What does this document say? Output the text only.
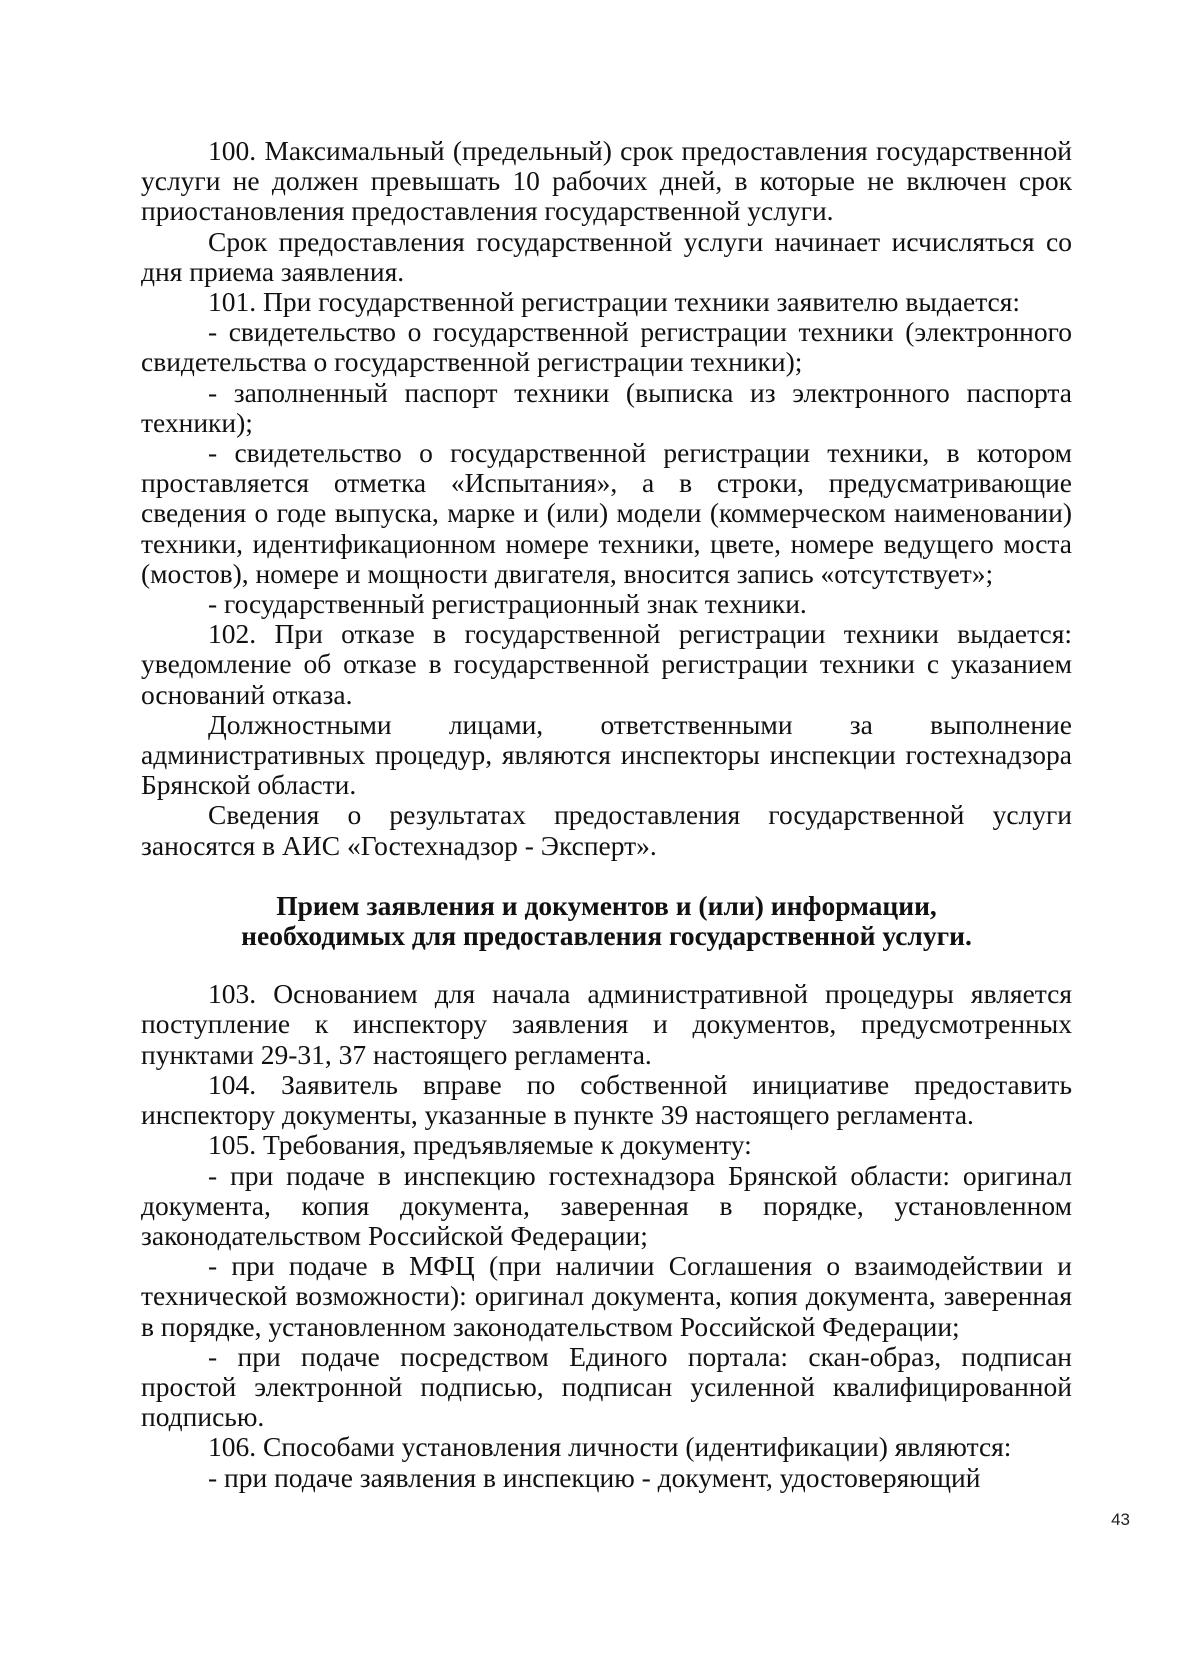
100. Максимальный (предельный) срок предоставления государственной услуги не должен превышать 10 рабочих дней, в которые не включен срок приостановления предоставления государственной услуги.

Срок предоставления государственной услуги начинает исчисляться со дня приема заявления.

101. При государственной регистрации техники заявителю выдается:

- свидетельство о государственной регистрации техники (электронного свидетельства о государственной регистрации техники);

- заполненный паспорт техники (выписка из электронного паспорта техники);

- свидетельство о государственной регистрации техники, в котором проставляется отметка «Испытания», а в строки, предусматривающие сведения о годе выпуска, марке и (или) модели (коммерческом наименовании) техники, идентификационном номере техники, цвете, номере ведущего моста (мостов), номере и мощности двигателя, вносится запись «отсутствует»;

- государственный регистрационный знак техники.

102. При отказе в государственной регистрации техники выдается: уведомление об отказе в государственной регистрации техники с указанием оснований отказа.

Должностными лицами, ответственными за выполнение административных процедур, являются инспекторы инспекции гостехнадзора Брянской области.

Сведения о результатах предоставления государственной услуги заносятся в АИС «Гостехнадзор - Эксперт».

Прием заявления и документов и (или) информации, необходимых для предоставления государственной услуги.

103. Основанием для начала административной процедуры является поступление к инспектору заявления и документов, предусмотренных пунктами 29-31, 37 настоящего регламента.

104. Заявитель вправе по собственной инициативе предоставить инспектору документы, указанные в пункте 39 настоящего регламента.

105. Требования, предъявляемые к документу:

- при подаче в инспекцию гостехнадзора Брянской области: оригинал документа, копия документа, заверенная в порядке, установленном законодательством Российской Федерации;

- при подаче в МФЦ (при наличии Соглашения о взаимодействии и технической возможности): оригинал документа, копия документа, заверенная в порядке, установленном законодательством Российской Федерации;

- при подаче посредством Единого портала: скан-образ, подписан простой электронной подписью, подписан усиленной квалифицированной подписью.

106. Способами установления личности (идентификации) являются:

- при подаче заявления в инспекцию - документ, удостоверяющий

43
